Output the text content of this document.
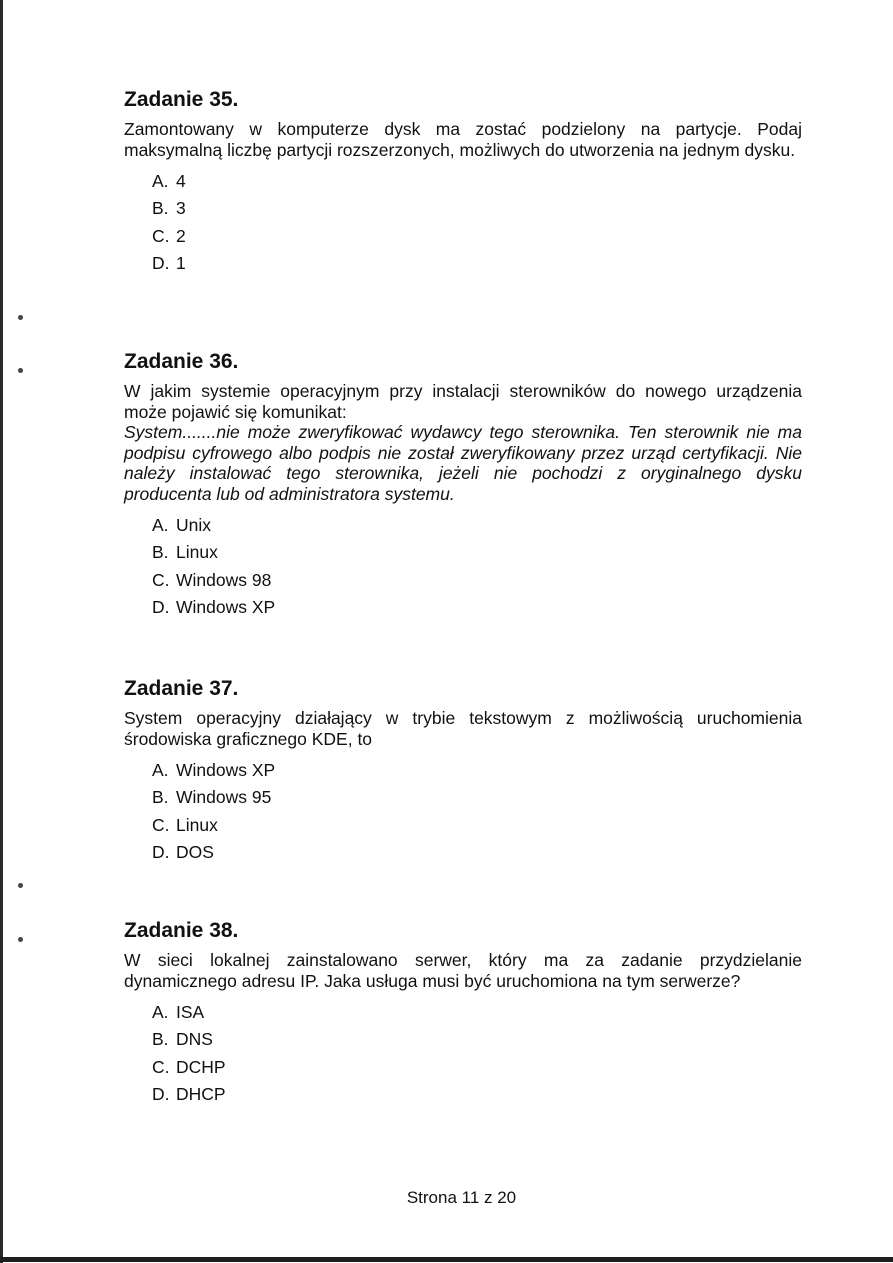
Zadanie 35.

Zamontowany w komputerze dysk ma zostać podzielony na partycje. Podaj maksymalną liczbę partycji rozszerzonych, możliwych do utworzenia na jednym dysku.

A. 4
B. 3
C. 2
D. 1
Zadanie 36.

W jakim systemie operacyjnym przy instalacji sterowników do nowego urządzenia może pojawić się komunikat:

System.......nie może zweryfikować wydawcy tego sterownika. Ten sterownik nie ma podpisu cyfrowego albo podpis nie został zweryfikowany przez urząd certyfikacji. Nie należy instalować tego sterownika, jeżeli nie pochodzi z oryginalnego dysku producenta lub od administratora systemu.

A. Unix
B. Linux
C. Windows 98
D. Windows XP
Zadanie 37.

System operacyjny działający w trybie tekstowym z możliwością uruchomienia środowiska graficznego KDE, to

A. Windows XP
B. Windows 95
C. Linux
D. DOS
Zadanie 38.

W sieci lokalnej zainstalowano serwer, który ma za zadanie przydzielanie dynamicznego adresu IP. Jaka usługa musi być uruchomiona na tym serwerze?

A. ISA
B. DNS
C. DCHP
D. DHCP
Strona 11 z 20
